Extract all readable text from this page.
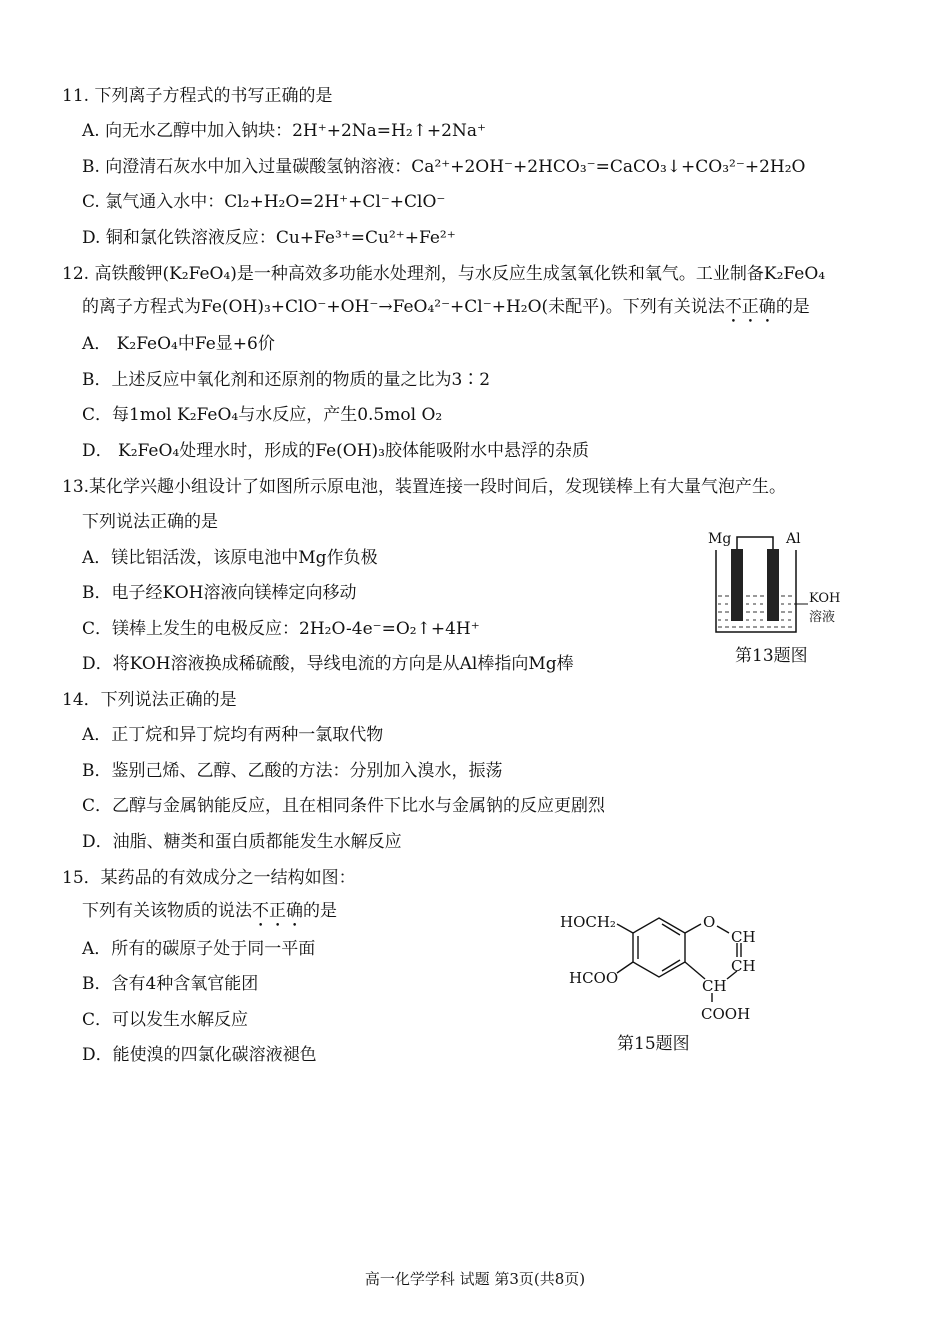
11. 下列离子方程式的书写正确的是
A. 向无水乙醇中加入钠块：2H⁺+2Na=H₂↑+2Na⁺
B. 向澄清石灰水中加入过量碳酸氢钠溶液：Ca²⁺+2OH⁻+2HCO₃⁻=CaCO₃↓+CO₃²⁻+2H₂O
C. 氯气通入水中：Cl₂+H₂O=2H⁺+Cl⁻+ClO⁻
D. 铜和氯化铁溶液反应：Cu+Fe³⁺=Cu²⁺+Fe²⁺
12. 高铁酸钾(K₂FeO₄)是一种高效多功能水处理剂，与水反应生成氢氧化铁和氧气。工业制备K₂FeO₄
的离子方程式为Fe(OH)₃+ClO⁻+OH⁻→FeO₄²⁻+Cl⁻+H₂O(未配平)。下列有关说法不正确的是
A． K₂FeO₄中Fe显+6价
B．上述反应中氧化剂和还原剂的物质的量之比为3∶2
C．每1mol K₂FeO₄与水反应，产生0.5mol O₂
D． K₂FeO₄处理水时，形成的Fe(OH)₃胶体能吸附水中悬浮的杂质
13.某化学兴趣小组设计了如图所示原电池，装置连接一段时间后，发现镁棒上有大量气泡产生。
下列说法正确的是
A．镁比铝活泼，该原电池中Mg作负极
B．电子经KOH溶液向镁棒定向移动
C．镁棒上发生的电极反应：2H₂O-4e⁻=O₂↑+4H⁺
D．将KOH溶液换成稀硫酸，导线电流的方向是从Al棒指向Mg棒
Mg	Al
KOH
溶液
第13题图
14．下列说法正确的是
A．正丁烷和异丁烷均有两种一氯取代物
B．鉴别己烯、乙醇、乙酸的方法：分别加入溴水，振荡
C．乙醇与金属钠能反应，且在相同条件下比水与金属钠的反应更剧烈
D．油脂、糖类和蛋白质都能发生水解反应
15．某药品的有效成分之一结构如图：
下列有关该物质的说法不正确的是
A．所有的碳原子处于同一平面
B．含有4种含氧官能团
C．可以发生水解反应
D．能使溴的四氯化碳溶液褪色
HOCH₂
HCOO
O
CH
CH
CH
COOH
第15题图
高一化学学科 试题 第3页(共8页)
